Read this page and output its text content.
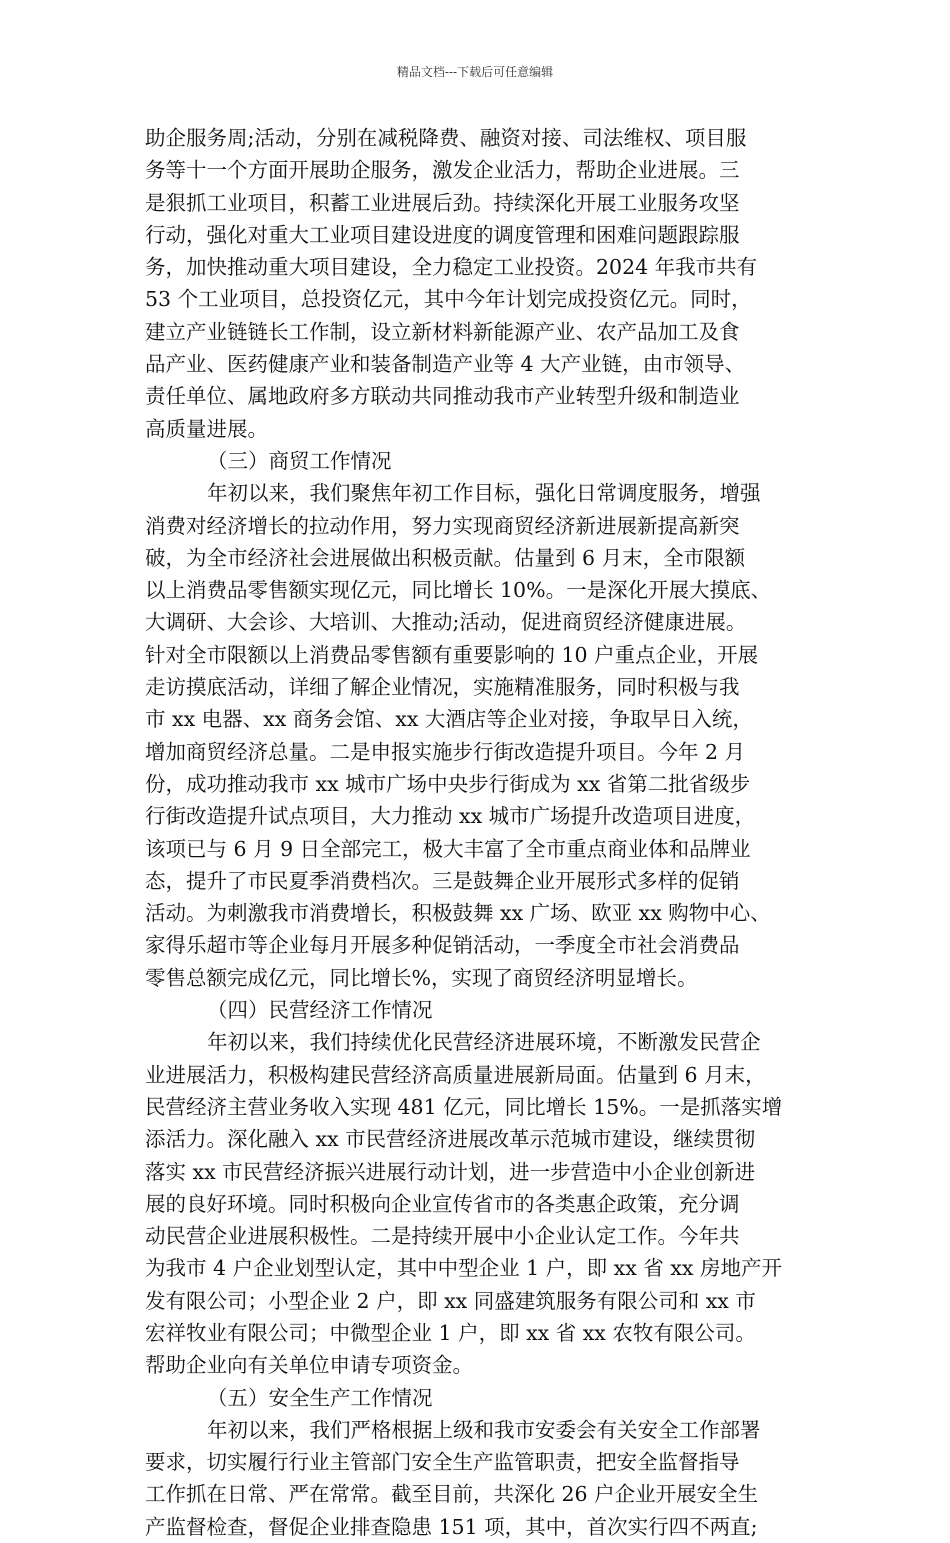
精品文档---下载后可任意编辑
助企服务周;活动，分别在减税降费、融资对接、司法维权、项目服
务等十一个方面开展助企服务，激发企业活力，帮助企业进展。三
是狠抓工业项目，积蓄工业进展后劲。持续深化开展工业服务攻坚
行动，强化对重大工业项目建设进度的调度管理和困难问题跟踪服
务，加快推动重大项目建设，全力稳定工业投资。2024 年我市共有
53 个工业项目，总投资亿元，其中今年计划完成投资亿元。同时，
建立产业链链长工作制，设立新材料新能源产业、农产品加工及食
品产业、医药健康产业和装备制造产业等 4 大产业链，由市领导、
责任单位、属地政府多方联动共同推动我市产业转型升级和制造业
高质量进展。
（三）商贸工作情况
年初以来，我们聚焦年初工作目标，强化日常调度服务，增强
消费对经济增长的拉动作用，努力实现商贸经济新进展新提高新突
破，为全市经济社会进展做出积极贡献。估量到 6 月末，全市限额
以上消费品零售额实现亿元，同比增长 10%。一是深化开展大摸底、
大调研、大会诊、大培训、大推动;活动，促进商贸经济健康进展。
针对全市限额以上消费品零售额有重要影响的 10 户重点企业，开展
走访摸底活动，详细了解企业情况，实施精准服务，同时积极与我
市 xx 电器、xx 商务会馆、xx 大酒店等企业对接，争取早日入统，
增加商贸经济总量。二是申报实施步行街改造提升项目。今年 2 月
份，成功推动我市 xx 城市广场中央步行街成为 xx 省第二批省级步
行街改造提升试点项目，大力推动 xx 城市广场提升改造项目进度，
该项已与 6 月 9 日全部完工，极大丰富了全市重点商业体和品牌业
态，提升了市民夏季消费档次。三是鼓舞企业开展形式多样的促销
活动。为刺激我市消费增长，积极鼓舞 xx 广场、欧亚 xx 购物中心、
家得乐超市等企业每月开展多种促销活动，一季度全市社会消费品
零售总额完成亿元，同比增长%，实现了商贸经济明显增长。
（四）民营经济工作情况
年初以来，我们持续优化民营经济进展环境，不断激发民营企
业进展活力，积极构建民营经济高质量进展新局面。估量到 6 月末，
民营经济主营业务收入实现 481 亿元，同比增长 15%。一是抓落实增
添活力。深化融入 xx 市民营经济进展改革示范城市建设，继续贯彻
落实 xx 市民营经济振兴进展行动计划，进一步营造中小企业创新进
展的良好环境。同时积极向企业宣传省市的各类惠企政策，充分调
动民营企业进展积极性。二是持续开展中小企业认定工作。今年共
为我市 4 户企业划型认定，其中中型企业 1 户，即 xx 省 xx 房地产开
发有限公司；小型企业 2 户，即 xx 同盛建筑服务有限公司和 xx 市
宏祥牧业有限公司；中微型企业 1 户，即 xx 省 xx 农牧有限公司。
帮助企业向有关单位申请专项资金。
（五）安全生产工作情况
年初以来，我们严格根据上级和我市安委会有关安全工作部署
要求，切实履行行业主管部门安全生产监管职责，把安全监督指导
工作抓在日常、严在常常。截至目前，共深化 26 户企业开展安全生
产监督检查，督促企业排查隐患 151 项，其中，首次实行四不两直;
